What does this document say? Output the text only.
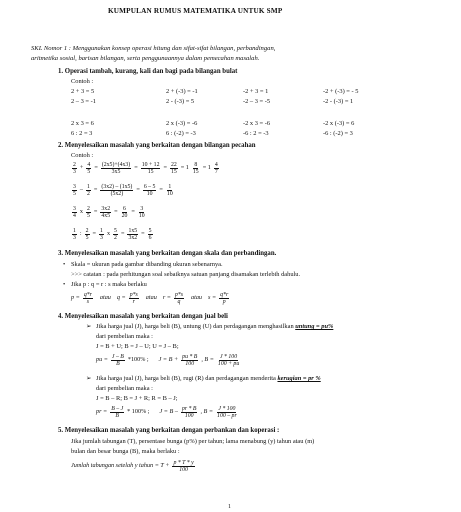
KUMPULAN RUMUS MATEMATIKA UNTUK SMP
SKL Nomor 1 : Menggunakan konsep operasi hitung dan sifat-sifat bilangan, perbandingan,
aritmetika sosial, barisan bilangan, serta penggunaannya dalam pemecahan masalah.
1. Operasi tambah, kurang, kali dan bagi pada bilangan bulat
Contoh :
2 + 3 = 5	2 + (-3) = -1	-2 + 3 = 1	-2 + (-3) = - 5
2 – 3 = -1	2 - (-3) = 5	-2 – 3 = -5	-2 - (-3) = 1
2 x 3 = 6	2 x (-3) = -6	-2 x 3 = -6	-2 x (-3) = 6
6 : 2 = 3	6 : (-2) = -3	-6 : 2 = -3	-6 : (-2) = 3
2. Menyelesaikan masalah yang berkaitan dengan bilangan pecahan
Contoh :
$\frac{2}{3} + \frac{4}{5} = \frac{(2x5)+(4x3)}{3x5} = \frac{10 + 12}{15} = \frac{22}{15} = 1 \frac{8}{15} = 1 \frac{4}{7}$
$\frac{3}{5} - \frac{1}{2} = \frac{(3x2) - (1x5)}{(5x2)} = \frac{6 - 5}{10} = \frac{1}{10}$
$\frac{3}{4}$ x $\frac{2}{5} = \frac{3x2}{4x5} = \frac{6}{20} = \frac{3}{10}$
$\frac{1}{3}$ : $\frac{2}{5} = \frac{1}{3}$ x $\frac{5}{2} = \frac{1x5}{3x2} = \frac{5}{6}$
3. Menyelesaikan masalah yang berkaitan dengan skala dan perbandingan.
• Skala = ukuran pada gambar dibanding ukuran sebenarnya.
>>> catatan : pada perhitungan soal sebaiknya satuan panjang disamakan terlebih dahulu.
• Jika p : q = r : s maka berlaku
$p = \frac{q*r}{s}$ atau $q = \frac{p*s}{r}$ atau $r = \frac{p*s}{q}$ atau $s = \frac{q*r}{p}$
4. Menyelesaikan masalah yang berkaitan dengan jual beli
➢ Jika harga jual (J), harga beli (B), untung (U) dan perdagangan menghasilkan untung = pu%
dari pembelian maka :
J = B + U; B = J – U; U = J – B;
pu = $\frac{J - B}{B} *100\%$ ; $J = B + \frac{pu * B}{100}$ , $B = \frac{J * 100}{100 + pu}$
➢ Jika harga jual (J), harga beli (B), rugi (R) dan perdagangan menderita kerugian = pr %
dari pembelian maka :
J = B – R; B = J + R; R = B – J;
pr = $\frac{B - J}{B} * 100\%$ ; $J = B - \frac{pr * B}{100}$ , $B = \frac{J * 100}{100 - pr}$
5. Menyelesaikan masalah yang berkaitan dengan perbankan dan koperasi :
Jika jumlah tabungan (T), persentase bunga (p%) per tahun; lama menabung (y) tahun atau (m)
bulan dan besar bunga (B), maka berlaku :
Jumlah tabungan setelah y tahun = $T + \frac{p * T * y}{100}$
1
